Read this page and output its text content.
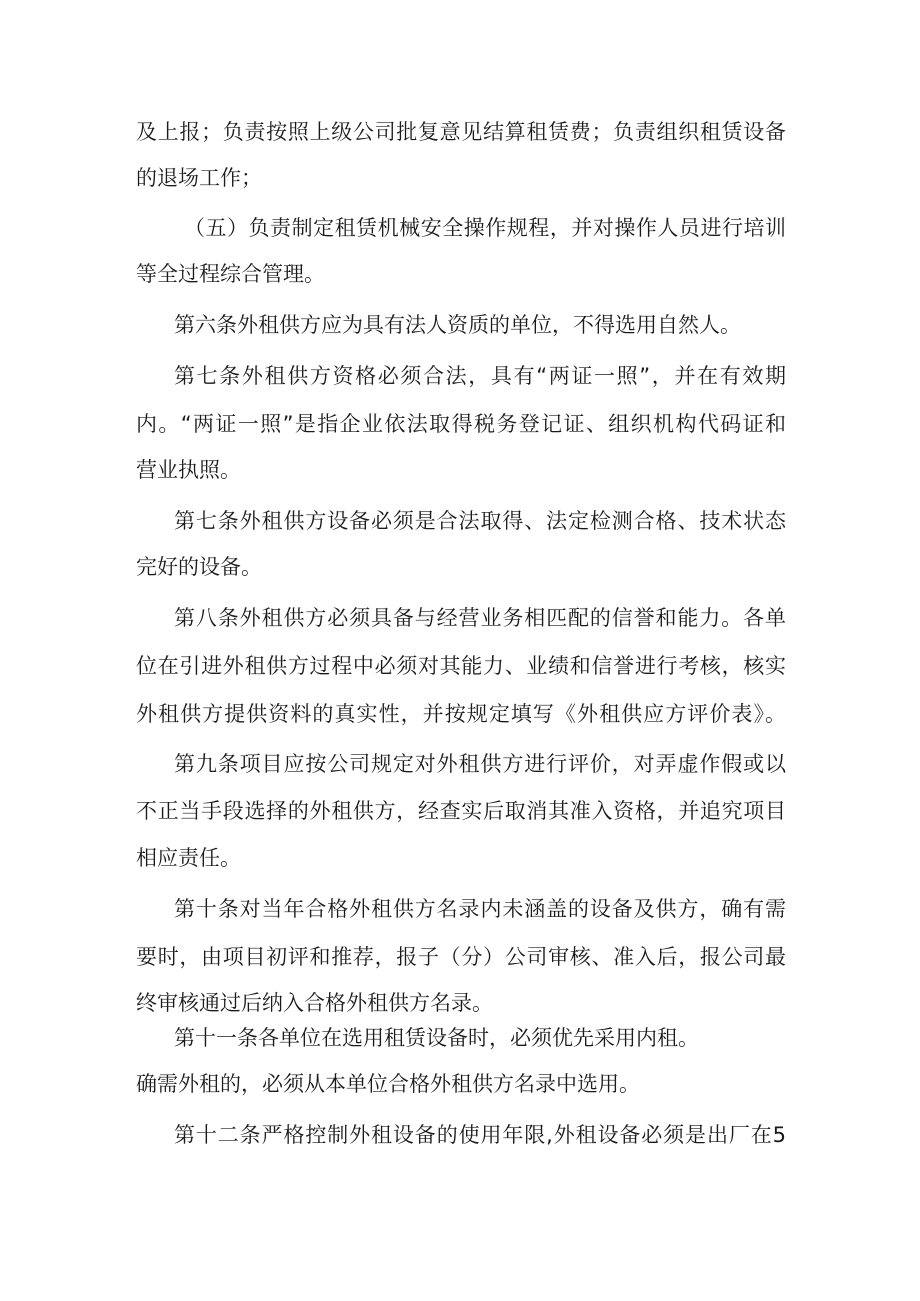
及上报；负责按照上级公司批复意见结算租赁费；负责组织租赁设备

的退场工作；

（五）负责制定租赁机械安全操作规程，并对操作人员进行培训

等全过程综合管理。

第六条外租供方应为具有法人资质的单位，不得选用自然人。

第七条外租供方资格必须合法，具有“两证一照”，并在有效期

内。“两证一照”是指企业依法取得税务登记证、组织机构代码证和

营业执照。

第七条外租供方设备必须是合法取得、法定检测合格、技术状态

完好的设备。

第八条外租供方必须具备与经营业务相匹配的信誉和能力。各单

位在引进外租供方过程中必须对其能力、业绩和信誉进行考核，核实

外租供方提供资料的真实性，并按规定填写《外租供应方评价表》。

第九条项目应按公司规定对外租供方进行评价，对弄虚作假或以

不正当手段选择的外租供方，经查实后取消其准入资格，并追究项目

相应责任。

第十条对当年合格外租供方名录内未涵盖的设备及供方，确有需

要时，由项目初评和推荐，报子（分）公司审核、准入后，报公司最

终审核通过后纳入合格外租供方名录。

第十一条各单位在选用租赁设备时，必须优先采用内租。

确需外租的，必须从本单位合格外租供方名录中选用。

第十二条严格控制外租设备的使用年限,外租设备必须是出厂在5
